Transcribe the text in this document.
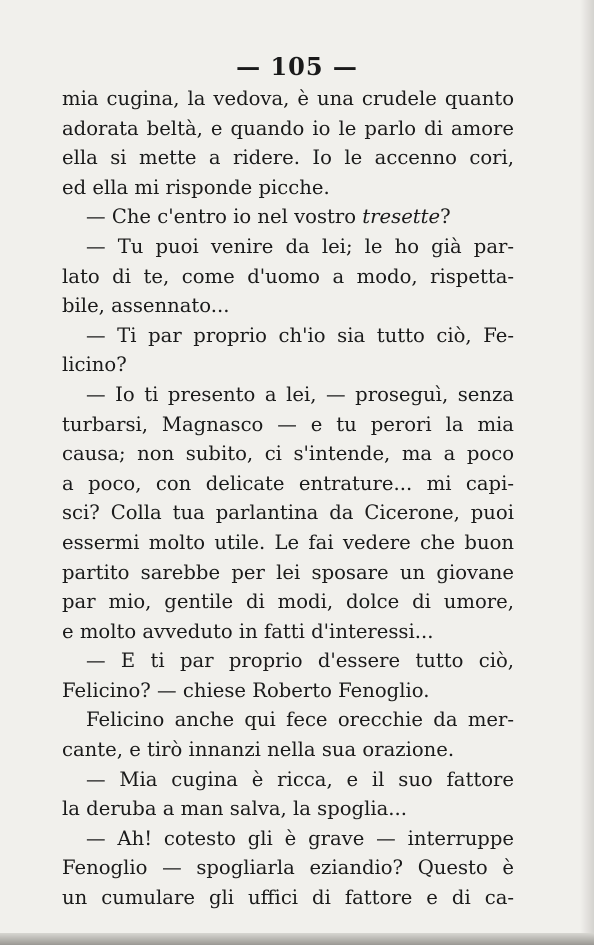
— 105 —
mia cugina, la vedova, è una crudele quanto
adorata beltà, e quando io le parlo di amore
ella si mette a ridere. Io le accenno cori,
ed ella mi risponde picche.
— Che c'entro io nel vostro tresette?
— Tu puoi venire da lei; le ho già par-
lato di te, come d'uomo a modo, rispetta-
bile, assennato...
— Ti par proprio ch'io sia tutto ciò, Fe-
licino?
— Io ti presento a lei, — proseguì, senza
turbarsi, Magnasco — e tu perori la mia
causa; non subito, ci s'intende, ma a poco
a poco, con delicate entrature... mi capi-
sci? Colla tua parlantina da Cicerone, puoi
essermi molto utile. Le fai vedere che buon
partito sarebbe per lei sposare un giovane
par mio, gentile di modi, dolce di umore,
e molto avveduto in fatti d'interessi...
— E ti par proprio d'essere tutto ciò,
Felicino? — chiese Roberto Fenoglio.
Felicino anche qui fece orecchie da mer-
cante, e tirò innanzi nella sua orazione.
— Mia cugina è ricca, e il suo fattore
la deruba a man salva, la spoglia...
— Ah! cotesto gli è grave — interruppe
Fenoglio — spogliarla eziandio? Questo è
un cumulare gli uffici di fattore e di ca-
